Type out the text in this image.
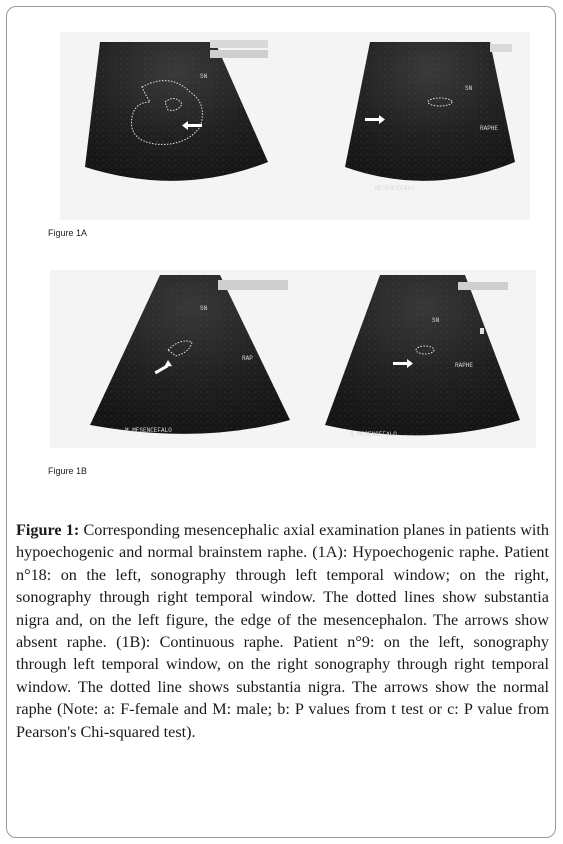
SN
SN
RAPHE
MESENCEFALO
Figure 1A
SN
RAP
M MESENCEFALO
SN
RAPHE
N MESENCEFALO
Figure 1B
Figure 1: Corresponding mesencephalic axial examination planes in patients with hypoechogenic and normal brainstem raphe. (1A): Hypoechogenic raphe. Patient n°18: on the left, sonography through left temporal window; on the right, sonography through right temporal window. The dotted lines show substantia nigra and, on the left figure, the edge of the mesencephalon. The arrows show absent raphe. (1B): Continuous raphe. Patient n°9: on the left, sonography through left temporal window, on the right sonography through right temporal window. The dotted line shows substantia nigra. The arrows show the normal raphe (Note: a: F-female and M: male; b: P values from t test or c: P value from Pearson's Chi-squared test).
